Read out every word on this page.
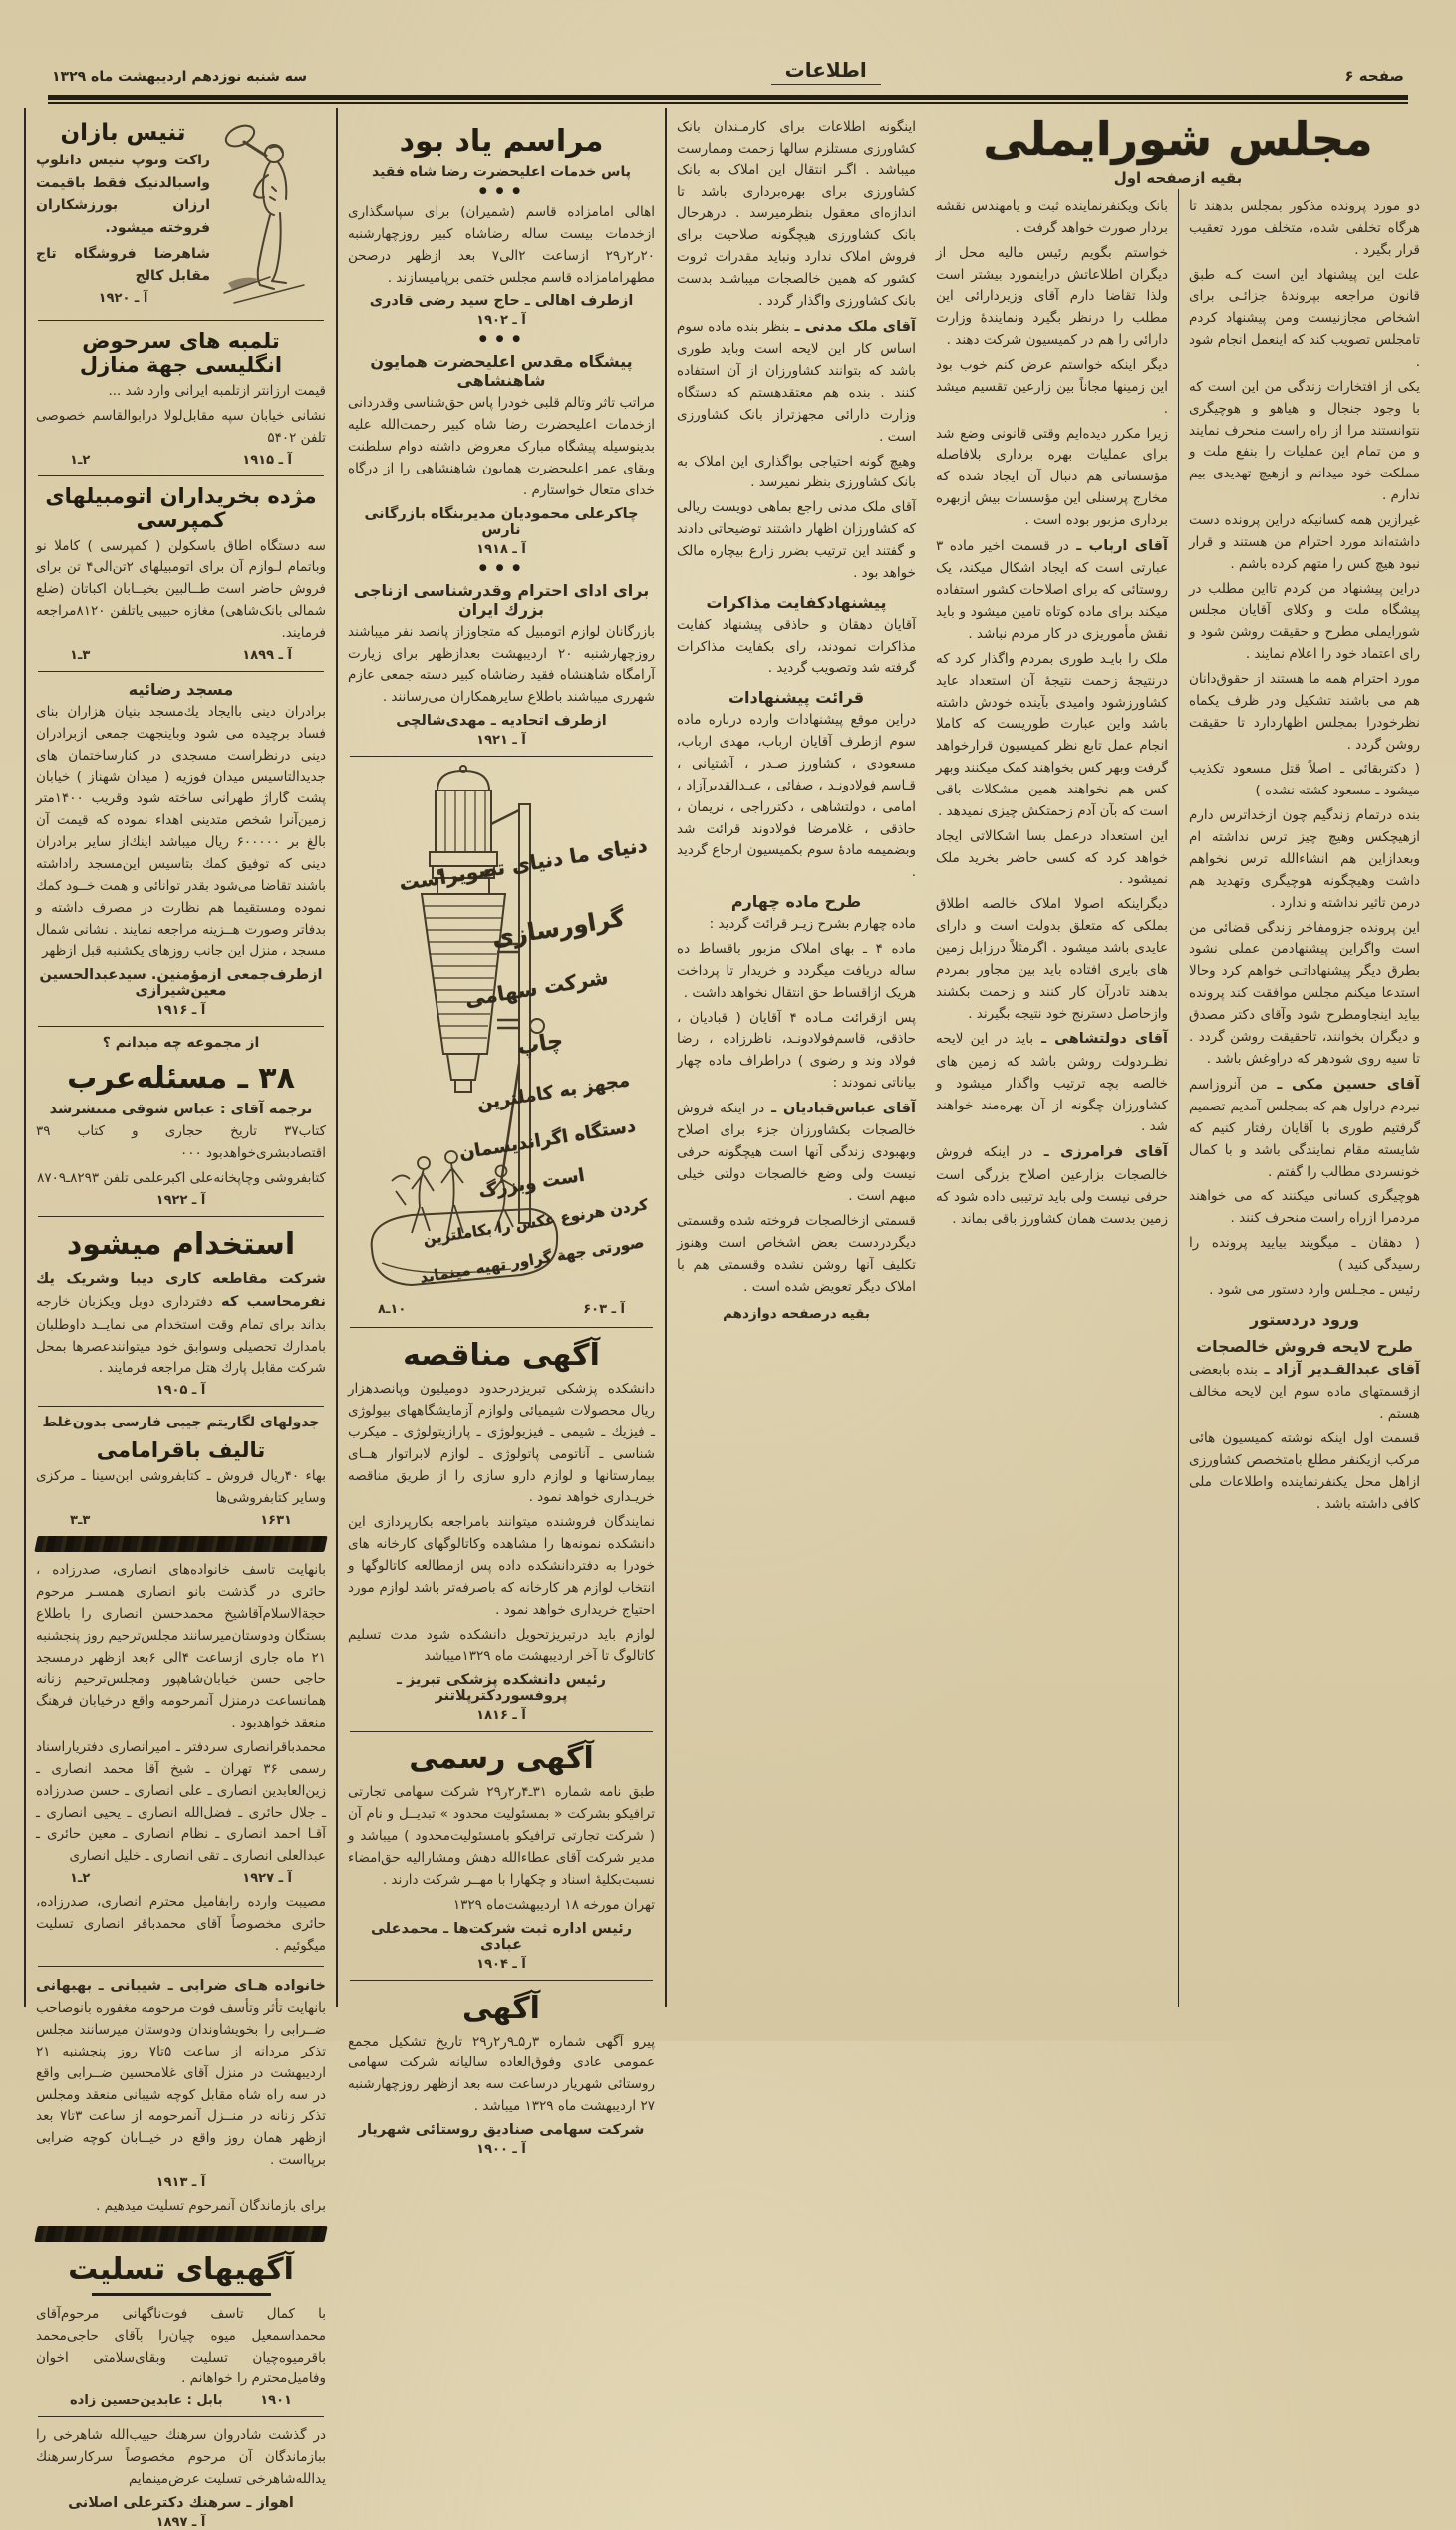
صفحه ۶
اطلاعات
سه شنبه نوزدهم اردیبهشت ماه ۱۳۲۹
مجلس شورایملی
بقیه ازصفحه اول
دو مورد پرونده مذکور بمجلس بدهند تا هرگاه تخلفی شده، متخلف مورد تعقیب قرار بگیرد .
علت این پیشنهاد این است کـه طبق قانون مراجعه بپروندهٔ جزائـی برای اشخاص مجازنیست ومن پیشنهاد کردم تامجلس تصویب کند که اینعمل انجام شود .
یکی از افتخارات زندگی من این است که با وجود جنجال و هیاهو و هوچیگری نتوانستند مرا از راه راست منحرف نمایند و من تمام این عملیات را بنفع ملت و مملکت خود میدانم و ازهیچ تهدیدی بیم ندارم .
غیرازین همه کسانیکه دراین پرونده دست داشته‌اند مورد احترام من هستند و قرار نبود هیچ کس را متهم کرده باشم .
دراین پیشنهاد من کردم تااین مطلب در پیشگاه ملت و وکلای آقایان مجلس شورایملی مطرح و حقیقت روشن شود و رای اعتماد خود را اعلام نمایند .
مورد احترام همه ما هستند از حقوق‌دانان هم می باشند تشکیل ودر ظرف یکماه نظرخودرا بمجلس اظهاردارد تا حقیقت روشن گردد .
( دکتربقائی ـ اصلاً قتل مسعود تکذیب میشود ـ مسعود کشته نشده )
بنده درتمام زندگیم چون ازخداترس دارم ازهیچکس وهیچ چیز ترس نداشته ام وبعدازاین هم انشاءالله ترس نخواهم داشت وهیچگونه هوچیگری وتهدید هم درمن تاثیر نداشته و ندارد .
این پرونده جزومفاخر زندگی قضائی من است واگراین پیشنهادمن عملی نشود بطرق دیگر پیشنهاداتـی خواهم کرد وحالا استدعا میکنم مجلس موافقت کند پرونده بیاید اینجاومطرح شود وآقای دکتر مصدق و دیگران بخوانند، تاحقیقت روشن گردد . تا سیه روی شودهر که دراوغش باشد .
آقای حسین مکی ـ من آنروزاسم نبردم دراول هم که بمجلس آمدیم تصمیم گرفتیم طوری با آقایان رفتار کنیم که شایسته مقام نمایندگی باشد و با کمال خونسردی مطالب را گفتم .
هوچیگری کسانی میکنند که می خواهند مردمرا ازراه راست منحرف کنند .
( دهقان ـ میگویند بیایید پرونده را رسیدگی کنید )
رئیس ـ مجـلس وارد دستور می شود .
ورود دردستور
طرح لایحه فروش خالصجات
آقای عبدالقـدیر آزاد ـ بنده بابعضی ازقسمتهای ماده سوم این لایحه مخالف هستم .
قسمت اول اینکه نوشته کمیسیون هائی مرکب ازیکنفر مطلع بامتخصص کشاورزی ازاهل محل یکنفرنماینده واطلاعات ملی کافی داشته باشد .
بانک ویکنفرنماینده ثبت و یامهندس نقشه بردار صورت خواهد گرفت .
خواستم بگویم رئیس مالیه محل از دیگران اطلاعاتش دراینمورد بیشتر است ولذا تقاضا دارم آقای وزیردارائی این مطلب را درنظر بگیرد ونمایندهٔ وزارت دارائی را هم در کمیسیون شرکت دهند .
دیگر اینکه خواستم عرض کنم خوب بود این زمینها مجاناً بین زارعین تقسیم میشد .
زیرا مکرر دیده‌ایم وقتی قانونی وضع شد برای عملیات بهره برداری بلافاصله مؤسساتی هم دنبال آن ایجاد شده که مخارج پرسنلی این مؤسسات بیش ازبهره برداری مزبور بوده است .
آقای ارباب ـ در قسمت اخیر ماده ۳ عبارتی است که ایجاد اشکال میکند، یک روستائی که برای اصلاحات کشور استفاده میکند برای ماده کوتاه تامین میشود و باید نقش مأموریزی در کار مردم نباشد .
ملک را بایـد طوری بمردم واگذار کرد که درنتیجهٔ زحمت نتیجهٔ آن استعداد عاید کشاورزشود وامیدی بآینده خودش داشته باشد واین عبارت طوریست که کاملا انجام عمل تابع نظر کمیسیون قرارخواهد گرفت وبهر کس بخواهند کمک میکنند وبهر کس هم نخواهند همین مشکلات باقی است که بآن آدم زحمتکش چیزی نمیدهد .
این استعداد درعمل بسا اشکالاتی ایجاد خواهد کرد که کسی حاضر بخرید ملک نمیشود .
دیگراینکه اصولا املاک خالصه اطلاق بملکی که متعلق بدولت است و دارای عایدی باشد میشود . اگرمثلاً درزابل زمین های بایری افتاده باید بین مجاور بمردم بدهند تادرآن کار کنند و زحمت بکشند وازحاصل دسترنج خود نتیجه بگیرند .
آقای دولتشاهی ـ باید در این لایحه نظـردولت روشن باشد که زمین های خالصه بچه ترتیب واگذار میشود و کشاورزان چگونه از آن بهره‌مند خواهند شد .
آقای فرامرزی ـ در اینکه فروش خالصجات بزارعین اصلاح بزرگی است حرفی نیست ولی باید ترتیبی داده شود که زمین بدست همان کشاورز باقی بماند .
اینگونه اطلاعات برای کارمـندان بانک کشاورزی مستلزم سالها زحمت وممارست میباشد . اگـر انتقال این املاک به بانک کشاورزی برای بهره‌برداری باشد تا اندازه‌ای معقول بنظرمیرسد . درهرحال بانک کشاورزی هیچگونه صلاحیت برای فروش املاک ندارد ونباید مقدرات ثروت کشور که همین خالصجات میباشـد بدست بانک کشاورزی واگذار گردد .
آقای ملک مدنی ـ بنظر بنده ماده سوم اساس کار این لایحه است وباید طوری باشد که بتوانند کشاورزان از آن استفاده کنند . بنده هم معتقدهستم که دستگاه وزارت دارائی مجهزتراز بانک کشاورزی است .
وهیچ گونه احتیاجی بواگذاری این املاک به بانک کشاورزی بنظر نمیرسد .
آقای ملک مدنی راجع بماهی دویست ریالی که کشاورزان اظهار داشتند توضیحاتی دادند و گفتند این ترتیب بضرر زارع بیچاره مالک خواهد بود .
پیشنهادکفایت مذاکرات
آقایان دهقان و حاذقی پیشنهاد کفایت مذاکرات نمودند، رای بکفایت مذاکرات گرفته شد وتصویب گردید .
قرائت پیشنهادات
دراین موقع پیشنهادات وارده درباره ماده سوم ازطرف آقایان ارباب، مهدی ارباب، مسعودی ، کشاورز صـدر ، آشتیانی ، قـاسم فولادونـد ، صفائی ، عبـدالقدیرآزاد ، امامی ، دولتشاهی ، دکترراجی ، نریمان ، حاذقی ، غلامرضا فولادوند قرائت شد وبضمیمه مادهٔ سوم بکمیسیون ارجاع گردید .
طرح ماده چهارم
ماده چهارم بشرح زیـر قرائت گردید :
ماده ۴ ـ بهای املاک مزبور باقساط ده ساله دریافت میگردد و خریدار تا پرداخت هریک ازاقساط حق انتقال نخواهد داشت .
پس ازقرائت مـاده ۴ آقایان ( قبادیان ، حاذقی، قاسم‌فولادونـد، ناظرزاده ، رضا فولاد وند و رضوی ) دراطراف ماده چهار بیاناتی نمودند :
آقای عباس‌قبادیان ـ در اینکه فروش خالصجات بکشاورزان جزء برای اصلاح وبهبودی زندگی آنها است هیچگونه حرفی نیست ولی وضع خالصجات دولتی خیلی مبهم است .
قسمتی ازخالصجات فروخته شده وقسمتی دیگردردست بعض اشخاص است وهنوز تکلیف آنها روشن نشده وقسمتی هم با املاک دیگر تعویض شده است .
بقیه درصفحه دوازدهم
مراسم یاد بود
پاس خدمات اعلیحضرت رضا شاه فقید
● ● ●
اهالی امامزاده قاسم (شمیران) برای سپاسگذاری ازخدمات بیست ساله رضاشاه کبیر روزچهارشنبه ۲۰ر۲ر۲۹ ازساعت ۲الی۷ بعد ازظهر درصحن مطهرامامزاده قاسم مجلس ختمی برپامیسازند .
ازطرف اهالی ـ حاج سید رضی قادری
آ ـ ۱۹۰۲
● ● ●
پیشگاه مقدس اعلیحضرت همایون شاهنشاهی
مراتب تاثر وتالم قلبی خودرا پاس حق‌شناسی وقدردانی ازخدمات اعلیحضرت رضا شاه کبیر رحمت‌الله علیه بدینوسیله پیشگاه مبارک معروض داشته دوام سلطنت وبقای عمر اعلیحضرت همایون شاهنشاهی را از درگاه خدای متعال خواستارم .
چاکرعلی محمودیان مدیربنگاه بازرگانی نارس
آ ـ ۱۹۱۸
● ● ●
برای ادای احترام وقدرشناسی ازناجی بزرك ایران
بازرگانان لوازم اتومبیل که متجاوزاز پانصد نفر میباشند روزچهارشنبه ۲۰ اردیبهشت بعدازظهر برای زیارت آرامگاه شاهنشاه فقید رضاشاه کبیر دسته جمعی عازم شهرری میباشند باطلاع سایرهمکاران می‌رسانند .
ازطرف اتحادیه ـ مهدی‌شالچی
آ ـ ۱۹۲۱
دنیای ما دنیای تصویراست
گراورسازی
شرکت سهامی
چاپ
مجهز به کاملترین
دستگاه اگراندیسمان
است وبزرگ
کردن هرنوع عکس را بکاملترین
صورتی جهة گراور تهیه مینماید
آ ـ ۶۰۳
۱۰ـ۸
آگهی مناقصه
دانشکده پزشکی تبریزدرحدود دومیلیون وپانصدهزار ریال محصولات شیمیائی ولوازم آزمایشگاههای بیولوژی ـ فیزیك ـ شیمی ـ فیزیولوژی ـ پارازیتولوژی ـ میکرب شناسی ـ آناتومی پاتولوژی ـ لوازم لابراتوار هــای بیمارستانها و لوازم دارو سازی را از طریق مناقصه خریـداری خواهد نمود .
نمایندگان فروشنده میتوانند بامراجعه بکارپردازی این دانشکده نمونه‌ها را مشاهده وکاتالوگهای کارخانه های خودرا به دفتردانشکده داده پس ازمطالعه کاتالوگها و انتخاب لوازم هر کارخانه که باصرفه‌تر باشد لوازم مورد احتیاج خریداری خواهد نمود .
لوازم باید درتبریزتحویل دانشکده شود مدت تسلیم کاتالوگ تا آخر اردیبهشت ماه ۱۳۲۹میباشد
رئیس دانشکده پزشکی تبریز ـ پروفسوردکترپلاتنر
آ ـ ۱۸۱۶
آگهی رسمی
طبق نامه شماره ۳۱ـ۴ر۲ر۲۹ شرکت سهامی تجارتی ترافیکو بشرکت « بمسئولیت محدود » تبدیــل و نام آن ( شرکت تجارتی ترافیکو بامسئولیت‌محدود ) میباشد و مدیر شرکت آقای عطاءالله دهش ومشارالیه حق‌امضاء نسبت‌بکلیهٔ اسناد و چکهارا با مهــر شرکت دارند .
تهران مورخه ۱۸ اردیبهشت‌ماه ۱۳۲۹
رئیس اداره ثبت شرکت‌ها ـ محمدعلی عبادی
آ ـ ۱۹۰۴
آگهی
پیرو آگهی شماره ۳ر۵ـ۹ر۲ر۲۹ تاریخ تشکیل مجمع عمومی عادی وفوق‌العاده سالیانه شرکت سهامی روستائی شهریار درساعت سه بعد ازظهر روزچهارشنبه ۲۷ اردیبهشت ماه ۱۳۲۹ میباشد .
شرکت سهامی صنادیق روستائی شهریار
آ ـ ۱۹۰۰
تنیس بازان
راکت وتوپ تنیس دانلوپ واسبالدنیک فقط باقیمت ارزان بورزشکاران فروخته میشود.
شاهرضا فروشگاه تاج مقابل کالج
آ ـ ۱۹۲۰
تلمبه های سرحوض انگلیسی جهة منازل
قیمت ارزانتر ازتلمبه ایرانی وارد شد ...
نشانی خیابان سپه مقابل‌لولا درابوالقاسم خصوصی تلفن ۵۴۰۲
آ ـ ۱۹۱۵
۲ـ۱
مژده بخریداران اتومبیلهای کمپرسی
سه دستگاه اطاق باسکولن ( کمپرسی ) کاملا نو وباتمام لـوازم آن برای اتومبیلهای ۲تن‌الی۴ تن برای فروش حاضر است طــالبین بخیــابان اکباتان (ضلع شمالی بانک‌شاهی) مغازه حبیبی یاتلفن ۸۱۲۰مراجعه فرمایند.
آ ـ ۱۸۹۹
۳ـ۱
مسجد رضائیه
برادران دینی باایجاد یك‌مسجد بنیان هزاران بنای فساد برچیده می شود وباینجهت جمعی ازبرادران دینی درنظراست مسجدی در کنارساختمان های جدیدالتاسیس میدان فوزیه ( میدان شهناز ) خیابان پشت گاراژ طهرانی ساخته شود وقریب ۱۴۰۰متر زمین‌آنرا شخص متدینی اهداء نموده که قیمت آن بالغ بر ۶۰۰۰۰۰ ریال میباشد اینك‌از سایر برادران دینی که توفیق کمك بتاسیس این‌مسجد راداشته باشند تقاضا می‌شود بقدر توانائی و همت خــود کمك نموده ومستقیما هم نظارت در مصرف داشته و بدفاتر وصورت هــزینه مراجعه نمایند . نشانی شمال مسجد ، منزل این جانب روزهای یکشنبه قبل ازظهر
ازطرف‌جمعی ازمؤمنین. سیدعبدالحسین معین‌شیرازی
آ ـ ۱۹۱۶
از مجموعه چه میدانم ؟
۳۸ ـ مسئله‌عرب
ترجمه آقای : عباس شوقی منتشرشد
کتاب۳۷ تاریخ حجاری و کتاب ۳۹ اقتصادبشری‌خواهدبود ۰۰۰
کتابفروشی وچاپخانه‌علی اکبرعلمی تلفن ۸۲۹۳ـ۸۷۰۹
آ ـ ۱۹۲۲
استخدام میشود
شرکت مقاطعه کاری دیبا وشریک یك نفرمحاسب که دفترداری دوبل ویکزبان خارجه بداند برای تمام وقت استخدام می نمایــد داوطلبان بامدارك تحصیلی وسوابق خود میتوانندعصرها بمحل شرکت مقابل پارك هتل مراجعه فرمایند .
آ ـ ۱۹۰۵
جدولهای لگاریتم جیبی فارسی بدون‌غلط
تالیف باقرامامی
بهاء ۴۰ریال فروش ـ کتابفروشی ابن‌سینا ـ مرکزی وسایر کتابفروشی‌ها
۱۶۳۱
۳ـ۳
بانهایت تاسف خانواده‌های انصاری، صدرزاده ، حائری در گذشت بانو انصاری همسـر مرحوم حجةالاسلام‌آقاشیخ محمدحسن انصاری را باطلاع بستگان ودوستان‌میرسانند مجلس‌ترحیم روز پنجشنبه ۲۱ ماه جاری ازساعت ۴الی ۶بعد ازظهر درمسجد حاجی حسن خیابان‌شاهپور ومجلس‌ترحیم زنانه همانساعت درمنزل آنمرحومه واقع درخیابان فرهنگ منعقد خواهدبود .
محمدباقرانصاری سردفتر ـ امیرانصاری دفتریاراسناد رسمی ۳۶ تهران ـ شیخ آقا محمد انصاری ـ زین‌العابدین انصاری ـ علی انصاری ـ حسن صدرزاده ـ جلال حائری ـ فضل‌الله انصاری ـ یحیی انصاری ـ آقـا احمد انصاری ـ نظام انصاری ـ معین حائری ـ عبدالعلی انصاری ـ تقی انصاری ـ خلیل انصاری
آ ـ ۱۹۲۷
۲ـ۱
مصیبت وارده رابفامیل محترم انصاری، صدرزاده، حائری مخصوصاً آقای محمدباقر انصاری تسلیت میگوئیم .
خانواده هـای ضرابی ـ شیبانی ـ بهبهانی بانهایت تأثر وتأسف فوت مرحومه مغفوره بانوصاحب ضــرابی را بخویشاوندان ودوستان میرسانند مجلس تذکر مردانه از ساعت ۵تا۷ روز پنجشنبه ۲۱ اردیبهشت در منزل آقای غلامحسین ضــرابی واقع در سه راه شاه مقابل کوچه شیبانی منعقد ومجلس تذکر زنانه در منــزل آنمرحومه از ساعت ۳تا۷ بعد ازظهر همان روز واقع در خیــابان کوچه ضرابی برپااست .
آ ـ ۱۹۱۳
برای بازماندگان آنمرحوم تسلیت میدهیم .
آگهیهای تسلیت
با کمال تاسف فوت‌ناگهانی مرحوم‌آقای محمداسمعیل میوه چیان‌را بآقای حاجی‌محمد باقرمیوه‌چیان تسلیت وبقای‌سلامتی اخوان وفامیل‌محترم را خواهانم .
۱۹۰۱
بابل : عابدین‌حسین زاده
در گذشت شادروان سرهنك حبیب‌الله شاهرخی را ببازماندگان آن مرحوم مخصوصاً سرکارسرهنك یدالله‌شاهرخی تسلیت عرض‌مینمایم
اهواز ـ سرهنك دکترعلی اصلانی
آ ـ ۱۸۹۷
